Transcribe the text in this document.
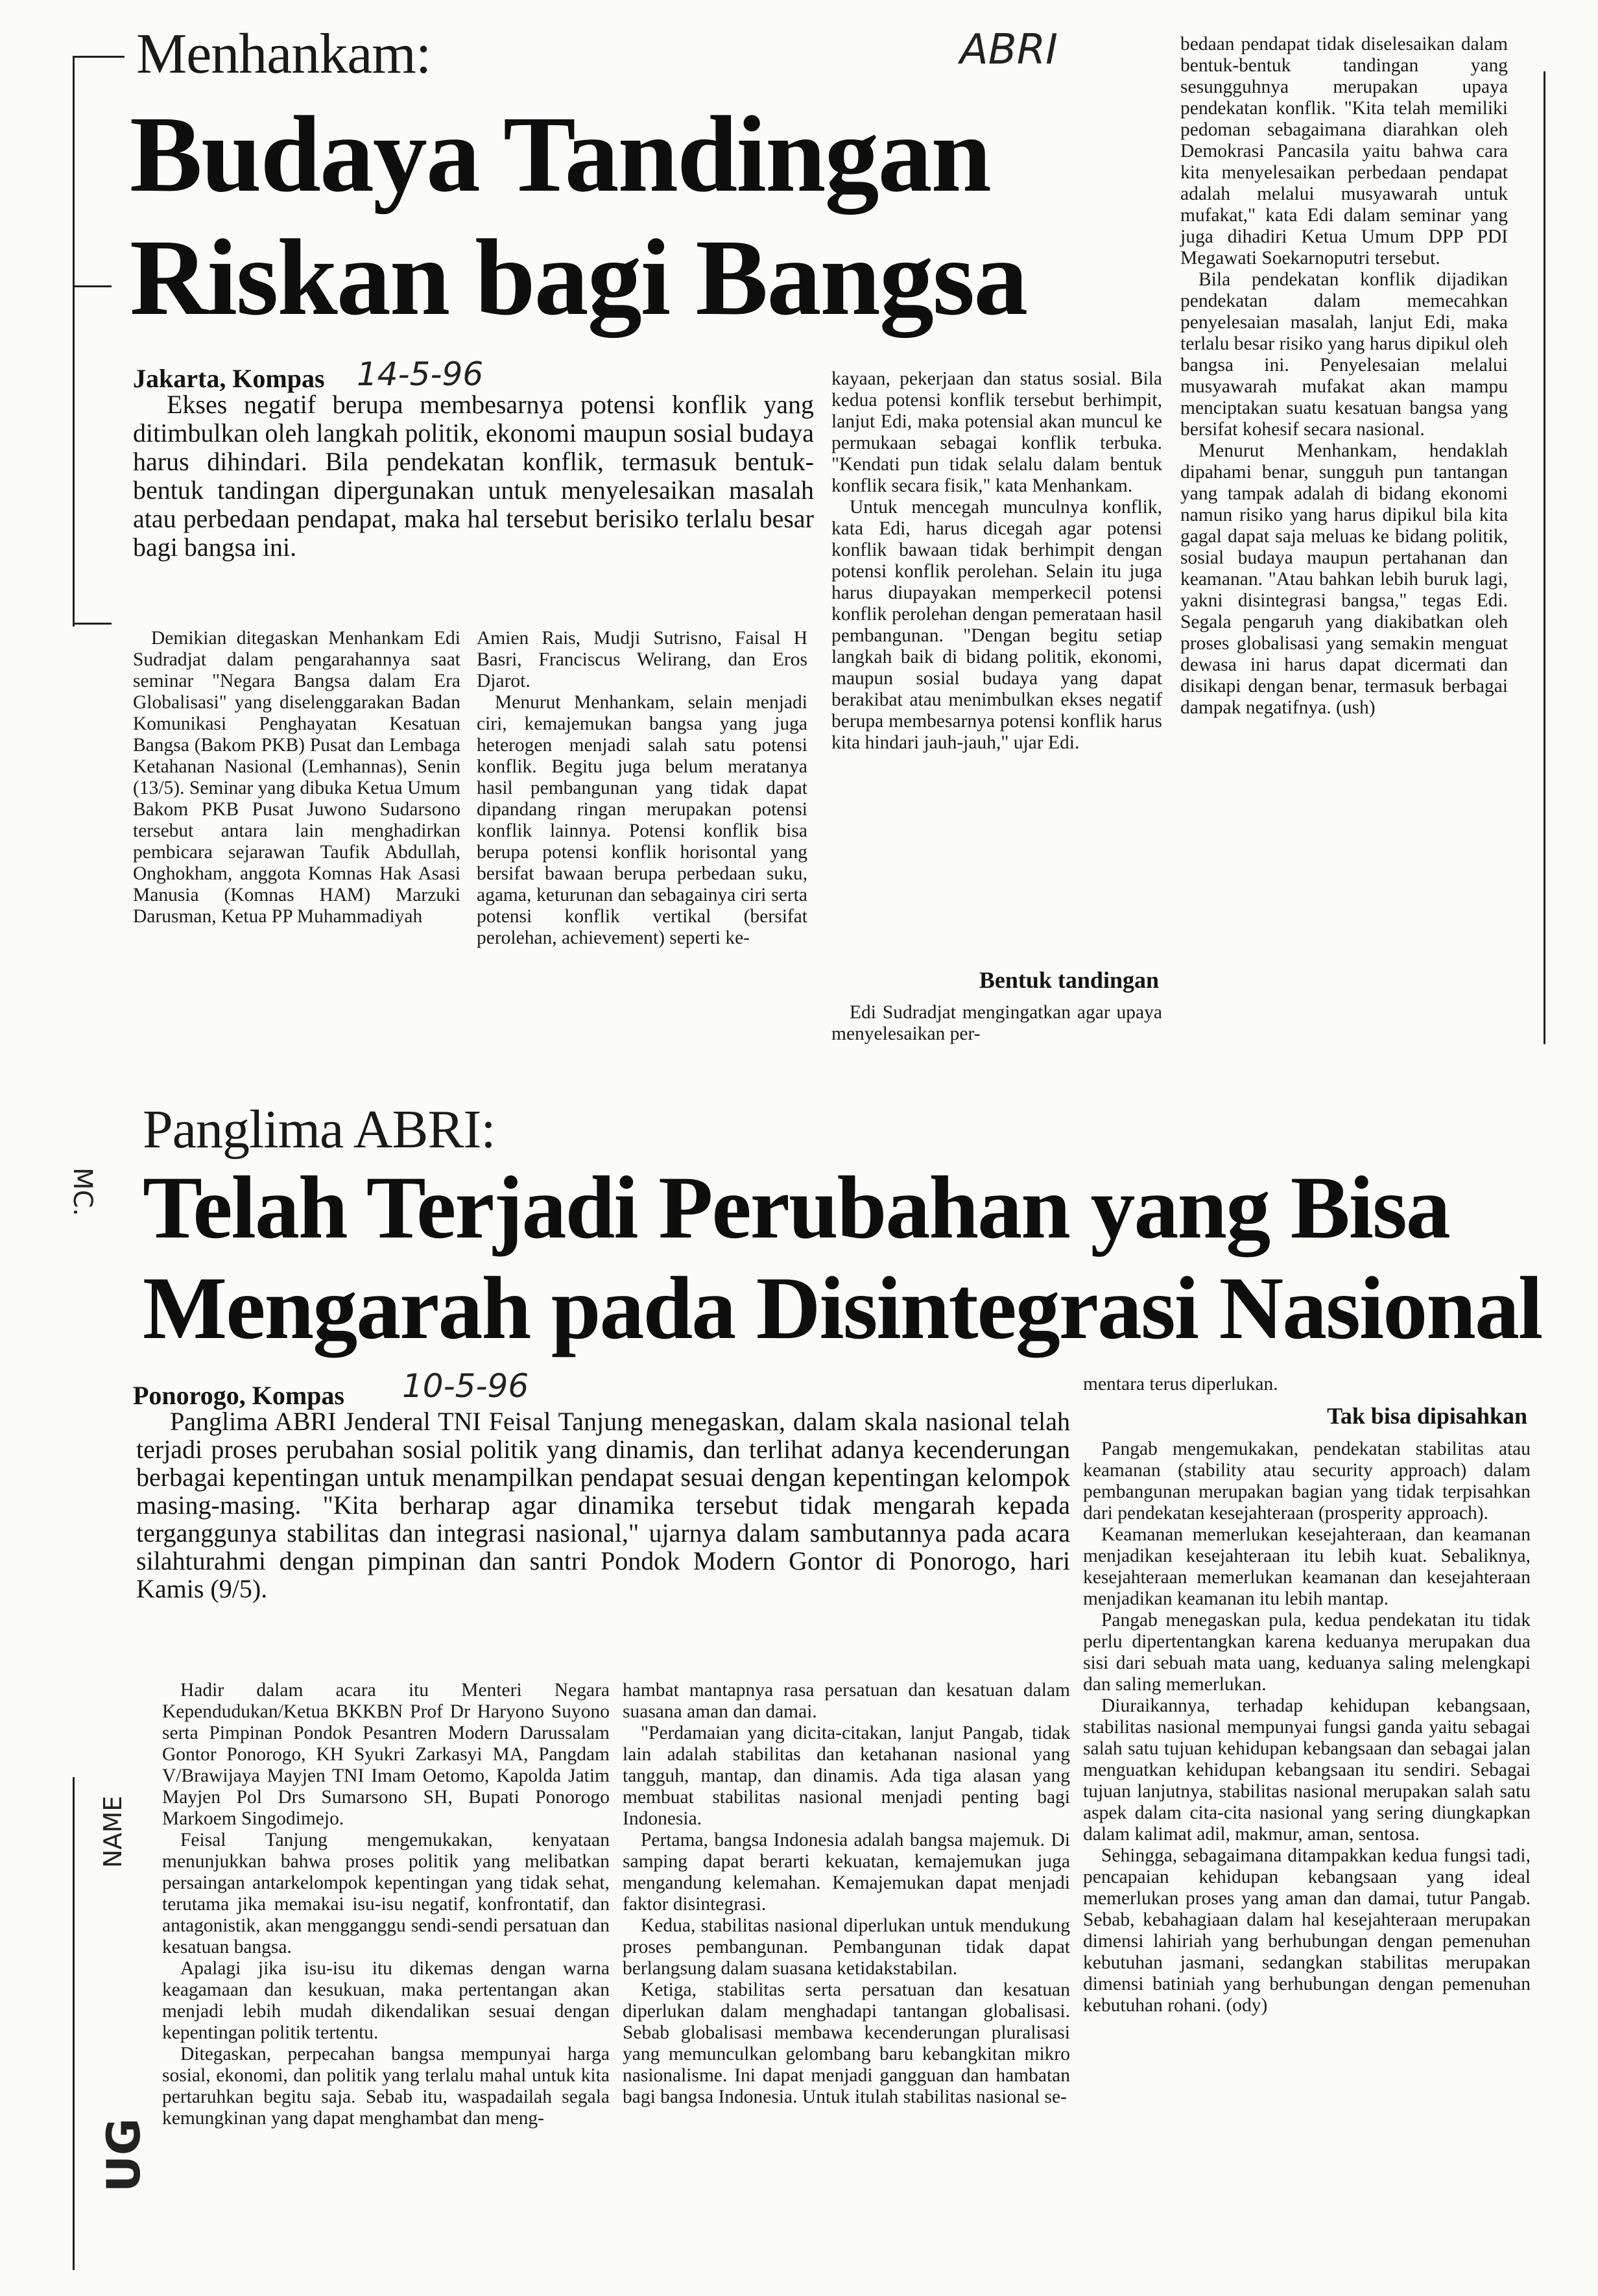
MC.
NAME
UG
ABRI
Menhankam:
Budaya Tandingan
Riskan bagi Bangsa
Jakarta, Kompas 14-5-96

Ekses negatif berupa membesarnya potensi konflik yang ditimbulkan oleh langkah politik, ekonomi maupun sosial budaya harus dihindari. Bila pendekatan konflik, termasuk bentuk-bentuk tandingan dipergunakan untuk menyelesaikan masalah atau perbedaan pendapat, maka hal tersebut berisiko terlalu besar bagi bangsa ini.

Demikian ditegaskan Menhankam Edi Sudradjat dalam pengarahannya saat seminar "Negara Bangsa dalam Era Globalisasi" yang diselenggarakan Badan Komunikasi Penghayatan Kesatuan Bangsa (Bakom PKB) Pusat dan Lembaga Ketahanan Nasional (Lemhannas), Senin (13/5). Seminar yang dibuka Ketua Umum Bakom PKB Pusat Juwono Sudarsono tersebut antara lain menghadirkan pembicara sejarawan Taufik Abdullah, Onghokham, anggota Komnas Hak Asasi Manusia (Komnas HAM) Marzuki Darusman, Ketua PP Muhammadiyah

Amien Rais, Mudji Sutrisno, Faisal H Basri, Franciscus Welirang, dan Eros Djarot.

Menurut Menhankam, selain menjadi ciri, kemajemukan bangsa yang juga heterogen menjadi salah satu potensi konflik. Begitu juga belum meratanya hasil pembangunan yang tidak dapat dipandang ringan merupakan potensi konflik lainnya. Potensi konflik bisa berupa potensi konflik horisontal yang bersifat bawaan berupa perbedaan suku, agama, keturunan dan sebagainya ciri serta potensi konflik vertikal (bersifat perolehan, achievement) seperti ke-

kayaan, pekerjaan dan status sosial. Bila kedua potensi konflik tersebut berhimpit, lanjut Edi, maka potensial akan muncul ke permukaan sebagai konflik terbuka. "Kendati pun tidak selalu dalam bentuk konflik secara fisik," kata Menhankam.

Untuk mencegah munculnya konflik, kata Edi, harus dicegah agar potensi konflik bawaan tidak berhimpit dengan potensi konflik perolehan. Selain itu juga harus diupayakan memperkecil potensi konflik perolehan dengan pemerataan hasil pembangunan. "Dengan begitu setiap langkah baik di bidang politik, ekonomi, maupun sosial budaya yang dapat berakibat atau menimbulkan ekses negatif berupa membesarnya potensi konflik harus kita hindari jauh-jauh," ujar Edi.

Bentuk tandingan

Edi Sudradjat mengingatkan agar upaya menyelesaikan per-

bedaan pendapat tidak diselesaikan dalam bentuk-bentuk tandingan yang sesungguhnya merupakan upaya pendekatan konflik. "Kita telah memiliki pedoman sebagaimana diarahkan oleh Demokrasi Pancasila yaitu bahwa cara kita menyelesaikan perbedaan pendapat adalah melalui musyawarah untuk mufakat," kata Edi dalam seminar yang juga dihadiri Ketua Umum DPP PDI Megawati Soekarnoputri tersebut.

Bila pendekatan konflik dijadikan pendekatan dalam memecahkan penyelesaian masalah, lanjut Edi, maka terlalu besar risiko yang harus dipikul oleh bangsa ini. Penyelesaian melalui musyawarah mufakat akan mampu menciptakan suatu kesatuan bangsa yang bersifat kohesif secara nasional.

Menurut Menhankam, hendaklah dipahami benar, sungguh pun tantangan yang tampak adalah di bidang ekonomi namun risiko yang harus dipikul bila kita gagal dapat saja meluas ke bidang politik, sosial budaya maupun pertahanan dan keamanan. "Atau bahkan lebih buruk lagi, yakni disintegrasi bangsa," tegas Edi. Segala pengaruh yang diakibatkan oleh proses globalisasi yang semakin menguat dewasa ini harus dapat dicermati dan disikapi dengan benar, termasuk berbagai dampak negatifnya. (ush)

Panglima ABRI:
Telah Terjadi Perubahan yang Bisa
Mengarah pada Disintegrasi Nasional
Ponorogo, Kompas 10-5-96

Panglima ABRI Jenderal TNI Feisal Tanjung menegaskan, dalam skala nasional telah terjadi proses perubahan sosial politik yang dinamis, dan terlihat adanya kecenderungan berbagai kepentingan untuk menampilkan pendapat sesuai dengan kepentingan kelompok masing-masing. "Kita berharap agar dinamika tersebut tidak mengarah kepada terganggunya stabilitas dan integrasi nasional," ujarnya dalam sambutannya pada acara silahturahmi dengan pimpinan dan santri Pondok Modern Gontor di Ponorogo, hari Kamis (9/5).

Hadir dalam acara itu Menteri Negara Kependudukan/Ketua BKKBN Prof Dr Haryono Suyono serta Pimpinan Pondok Pesantren Modern Darussalam Gontor Ponorogo, KH Syukri Zarkasyi MA, Pangdam V/Brawijaya Mayjen TNI Imam Oetomo, Kapolda Jatim Mayjen Pol Drs Sumarsono SH, Bupati Ponorogo Markoem Singodimejo.

Feisal Tanjung mengemukakan, kenyataan menunjukkan bahwa proses politik yang melibatkan persaingan antarkelompok kepentingan yang tidak sehat, terutama jika memakai isu-isu negatif, konfrontatif, dan antagonistik, akan mengganggu sendi-sendi persatuan dan kesatuan bangsa.

Apalagi jika isu-isu itu dikemas dengan warna keagamaan dan kesukuan, maka pertentangan akan menjadi lebih mudah dikendalikan sesuai dengan kepentingan politik tertentu.

Ditegaskan, perpecahan bangsa mempunyai harga sosial, ekonomi, dan politik yang terlalu mahal untuk kita pertaruhkan begitu saja. Sebab itu, waspadailah segala kemungkinan yang dapat menghambat dan meng-

hambat mantapnya rasa persatuan dan kesatuan dalam suasana aman dan damai.

"Perdamaian yang dicita-citakan, lanjut Pangab, tidak lain adalah stabilitas dan ketahanan nasional yang tangguh, mantap, dan dinamis. Ada tiga alasan yang membuat stabilitas nasional menjadi penting bagi Indonesia.

Pertama, bangsa Indonesia adalah bangsa majemuk. Di samping dapat berarti kekuatan, kemajemukan juga mengandung kelemahan. Kemajemukan dapat menjadi faktor disintegrasi.

Kedua, stabilitas nasional diperlukan untuk mendukung proses pembangunan. Pembangunan tidak dapat berlangsung dalam suasana ketidakstabilan.

Ketiga, stabilitas serta persatuan dan kesatuan diperlukan dalam menghadapi tantangan globalisasi. Sebab globalisasi membawa kecenderungan pluralisasi yang memunculkan gelombang baru kebangkitan mikro nasionalisme. Ini dapat menjadi gangguan dan hambatan bagi bangsa Indonesia. Untuk itulah stabilitas nasional se-

mentara terus diperlukan.

Tak bisa dipisahkan

Pangab mengemukakan, pendekatan stabilitas atau keamanan (stability atau security approach) dalam pembangunan merupakan bagian yang tidak terpisahkan dari pendekatan kesejahteraan (prosperity approach).

Keamanan memerlukan kesejahteraan, dan keamanan menjadikan kesejahteraan itu lebih kuat. Sebaliknya, kesejahteraan memerlukan keamanan dan kesejahteraan menjadikan keamanan itu lebih mantap.

Pangab menegaskan pula, kedua pendekatan itu tidak perlu dipertentangkan karena keduanya merupakan dua sisi dari sebuah mata uang, keduanya saling melengkapi dan saling memerlukan.

Diuraikannya, terhadap kehidupan kebangsaan, stabilitas nasional mempunyai fungsi ganda yaitu sebagai salah satu tujuan kehidupan kebangsaan dan sebagai jalan menguatkan kehidupan kebangsaan itu sendiri. Sebagai tujuan lanjutnya, stabilitas nasional merupakan salah satu aspek dalam cita-cita nasional yang sering diungkapkan dalam kalimat adil, makmur, aman, sentosa.

Sehingga, sebagaimana ditampakkan kedua fungsi tadi, pencapaian kehidupan kebangsaan yang ideal memerlukan proses yang aman dan damai, tutur Pangab. Sebab, kebahagiaan dalam hal kesejahteraan merupakan dimensi lahiriah yang berhubungan dengan pemenuhan kebutuhan jasmani, sedangkan stabilitas merupakan dimensi batiniah yang berhubungan dengan pemenuhan kebutuhan rohani. (ody)
